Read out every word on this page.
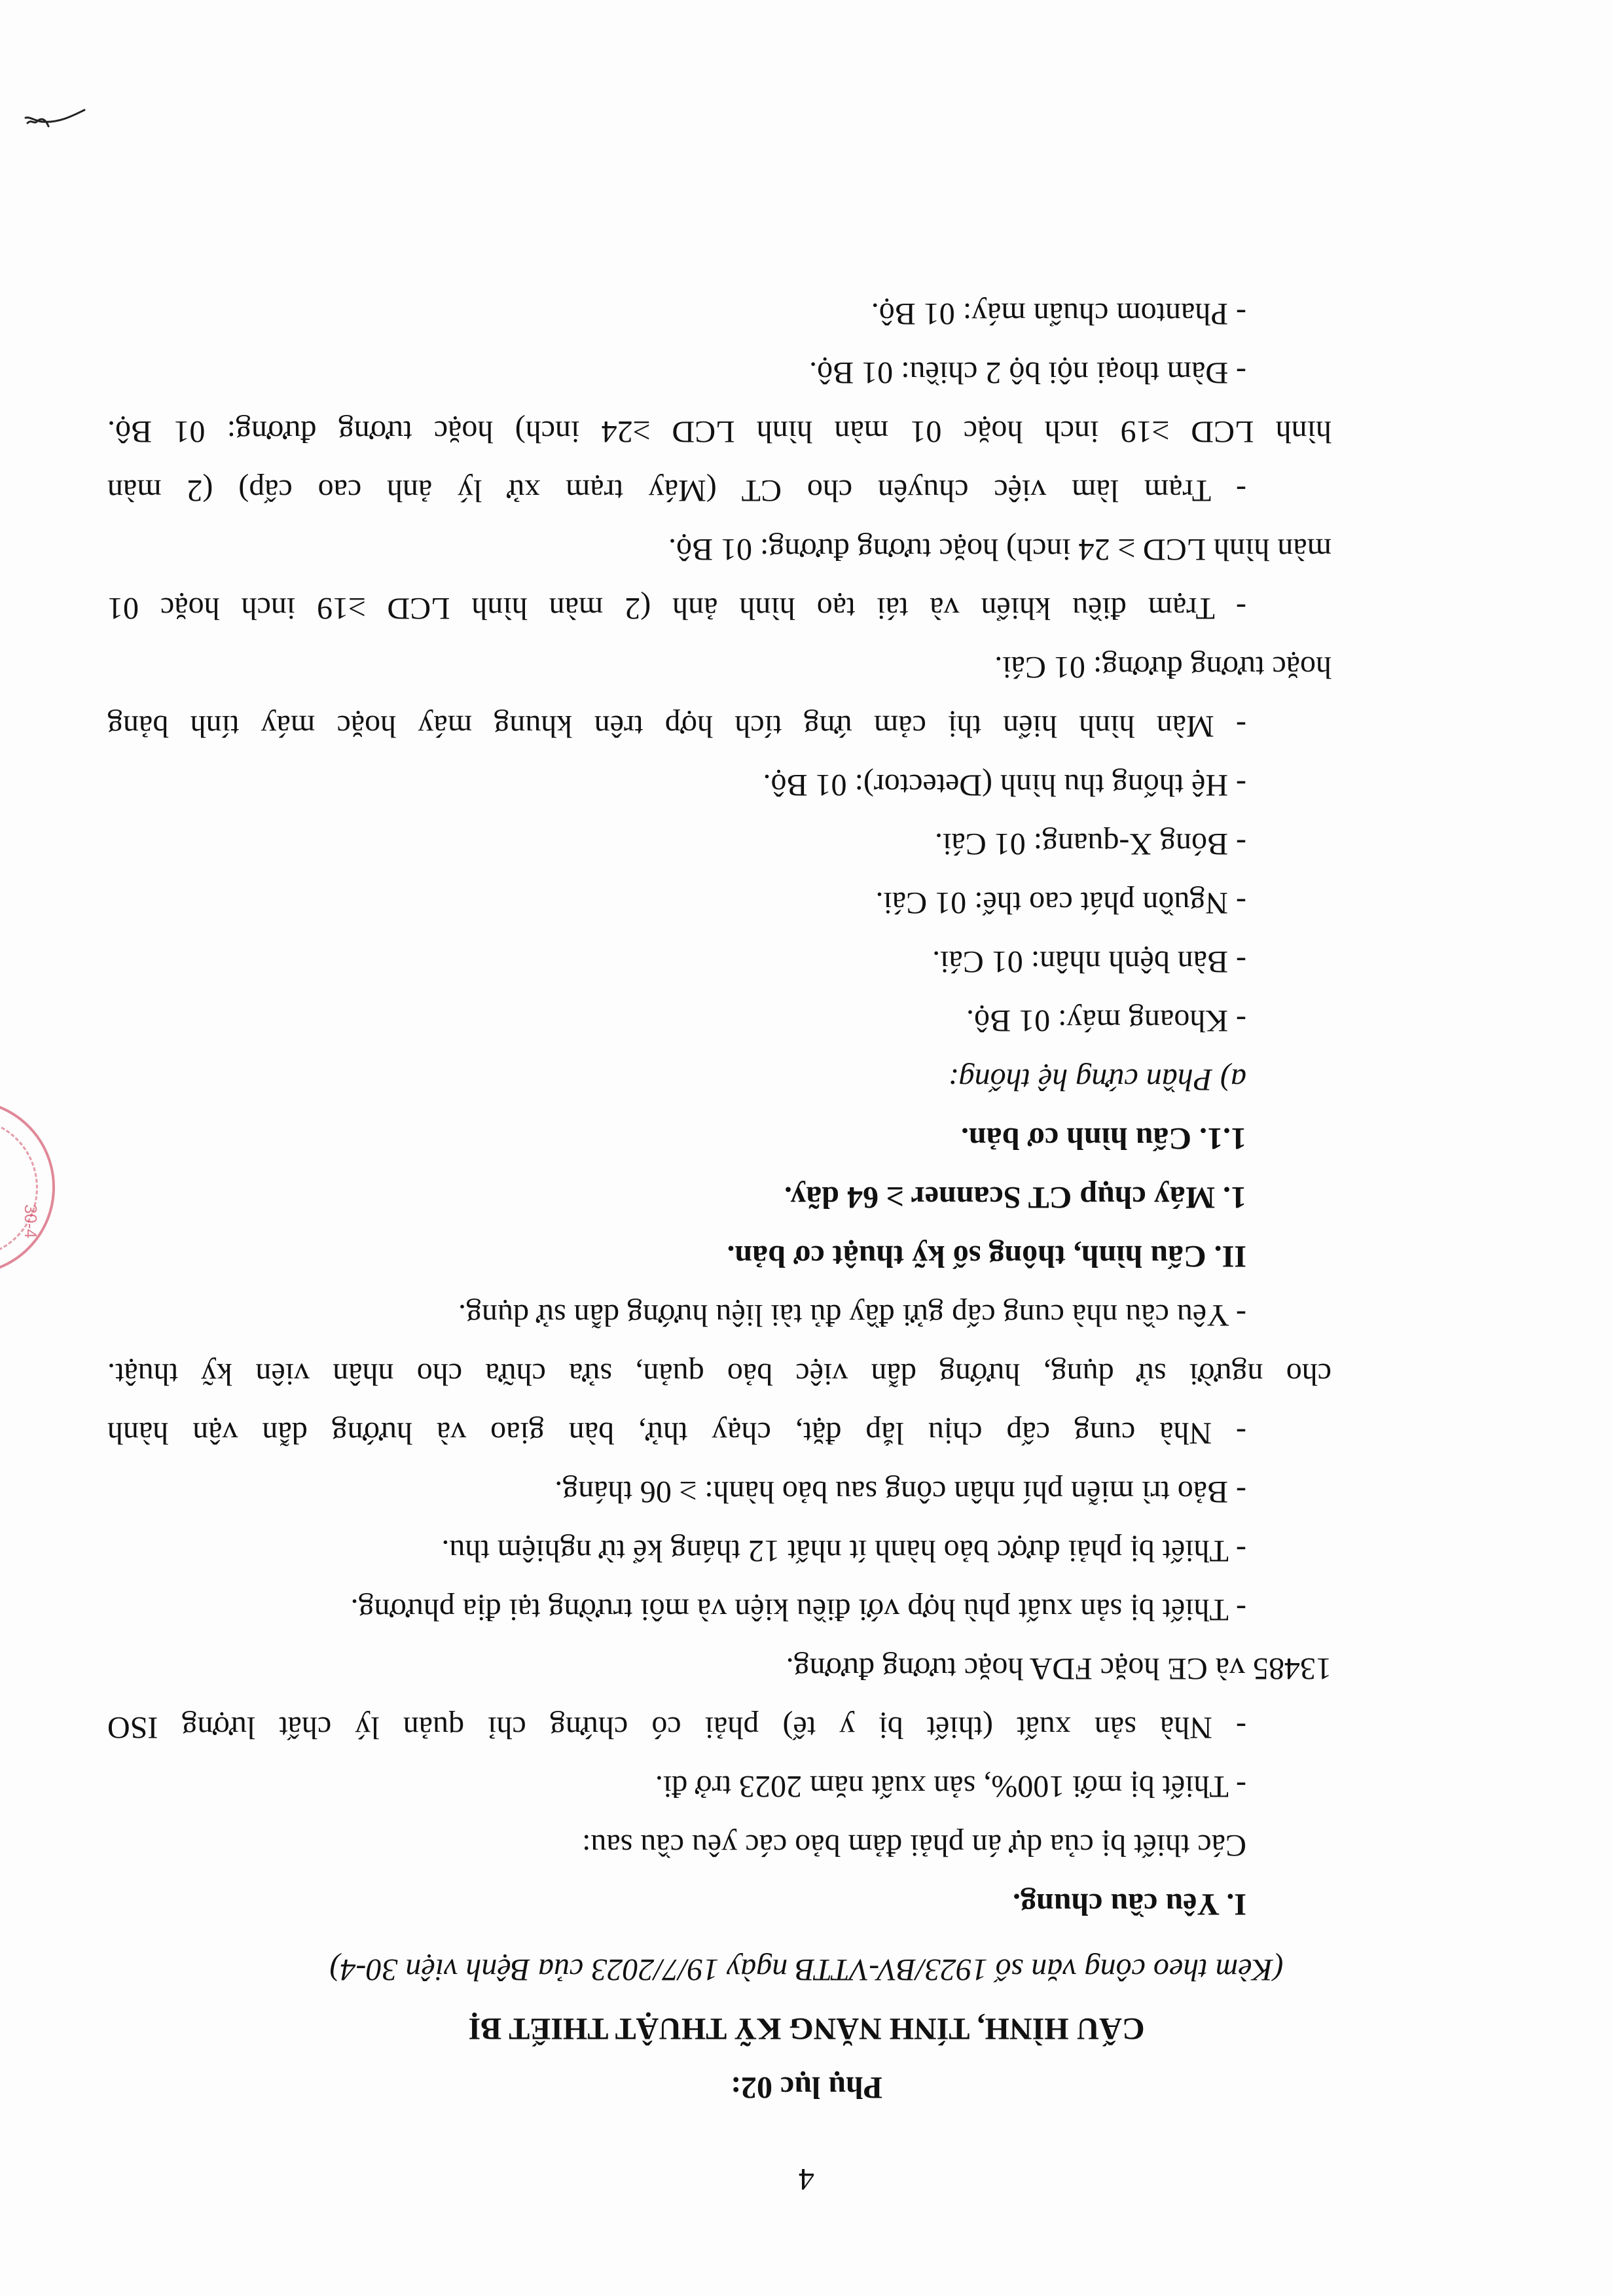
4
Phụ lục 02:
CẤU HÌNH, TÍNH NĂNG KỸ THUẬT THIẾT BỊ
(Kèm theo công văn số 1923/BV-VTTB ngày 19/7/2023 của Bệnh viện 30-4)
I. Yêu cầu chung.
Các thiết bị của dự án phải đảm bảo các yêu cầu sau:
- Thiết bị mới 100%, sản xuất năm 2023 trở đi.
- Nhà sản xuất (thiết bị y tế) phải có chứng chỉ quản lý chất lượng ISO
13485 và CE hoặc FDA hoặc tương đương.
- Thiết bị sản xuất phù hợp với điều kiện và môi trường tại địa phương.
- Thiết bị phải được bảo hành ít nhất 12 tháng kể từ nghiệm thu.
- Bảo trì miễn phí nhân công sau bảo hành: ≥ 06 tháng.
- Nhà cung cấp chịu lắp đặt, chạy thử, bàn giao và hướng dẫn vận hành
cho người sử dụng, hướng dẫn việc bảo quản, sửa chữa cho nhân viên kỹ thuật.
- Yêu cầu nhà cung cấp gửi đầy đủ tài liệu hướng dẫn sử dụng.
II. Cấu hình, thông số kỹ thuật cơ bản.
1. Máy chụp CT Scanner ≥ 64 dãy.
1.1. Cấu hình cơ bản.
a) Phần cứng hệ thống:
- Khoang máy: 01 Bộ.
- Bàn bệnh nhân: 01 Cái.
- Nguồn phát cao thế: 01 Cái.
- Bóng X-quang: 01 Cái.
- Hệ thống thu hình (Detector): 01 Bộ.
- Màn hình hiển thị cảm ứng tích hợp trên khung máy hoặc máy tính bảng
hoặc tương đương: 01 Cái.
- Trạm điều khiển và tái tạo hình ảnh (2 màn hình LCD ≥19 inch hoặc 01
màn hình LCD ≥ 24 inch) hoặc tương đương: 01 Bộ.
- Trạm làm việc chuyên cho CT (Máy trạm xử lý ảnh cao cấp) (2 màn
hình LCD ≥19 inch hoặc 01 màn hình LCD ≥24 inch) hoặc tương đương: 01 Bộ.
- Đàm thoại nội bộ 2 chiều: 01 Bộ.
- Phantom chuẩn máy: 01 Bộ.
30-4
